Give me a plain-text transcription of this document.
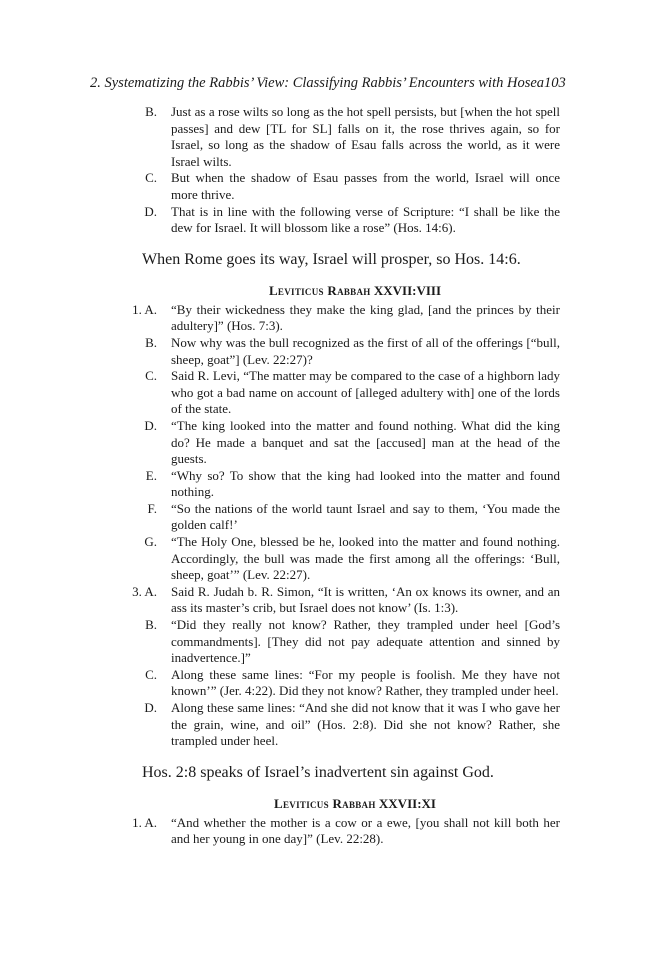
2. Systematizing the Rabbis’ View: Classifying Rabbis’ Encounters with Hosea 103
B. Just as a rose wilts so long as the hot spell persists, but [when the hot spell passes] and dew [TL for SL] falls on it, the rose thrives again, so for Israel, so long as the shadow of Esau falls across the world, as it were Israel wilts.
C. But when the shadow of Esau passes from the world, Israel will once more thrive.
D. That is in line with the following verse of Scripture: “I shall be like the dew for Israel. It will blossom like a rose” (Hos. 14:6).
When Rome goes its way, Israel will prosper, so Hos. 14:6.
Leviticus Rabbah XXVII:VIII
1. A. “By their wickedness they make the king glad, [and the princes by their adultery]” (Hos. 7:3).
B. Now why was the bull recognized as the first of all of the offerings [“bull, sheep, goat”] (Lev. 22:27)?
C. Said R. Levi, “The matter may be compared to the case of a highborn lady who got a bad name on account of [alleged adultery with] one of the lords of the state.
D. “The king looked into the matter and found nothing. What did the king do? He made a banquet and sat the [accused] man at the head of the guests.
E. “Why so? To show that the king had looked into the matter and found nothing.
F. “So the nations of the world taunt Israel and say to them, ‘You made the golden calf!’
G. “The Holy One, blessed be he, looked into the matter and found nothing. Accordingly, the bull was made the first among all the offerings: ‘Bull, sheep, goat’” (Lev. 22:27).
3. A. Said R. Judah b. R. Simon, “It is written, ‘An ox knows its owner, and an ass its master’s crib, but Israel does not know’ (Is. 1:3).
B. “Did they really not know? Rather, they trampled under heel [God’s commandments]. [They did not pay adequate attention and sinned by inadvertence.]”
C. Along these same lines: “For my people is foolish. Me they have not known’” (Jer. 4:22). Did they not know? Rather, they trampled under heel.
D. Along these same lines: “And she did not know that it was I who gave her the grain, wine, and oil” (Hos. 2:8). Did she not know? Rather, she trampled under heel.
Hos. 2:8 speaks of Israel’s inadvertent sin against God.
Leviticus Rabbah XXVII:XI
1. A. “And whether the mother is a cow or a ewe, [you shall not kill both her and her young in one day]” (Lev. 22:28).
